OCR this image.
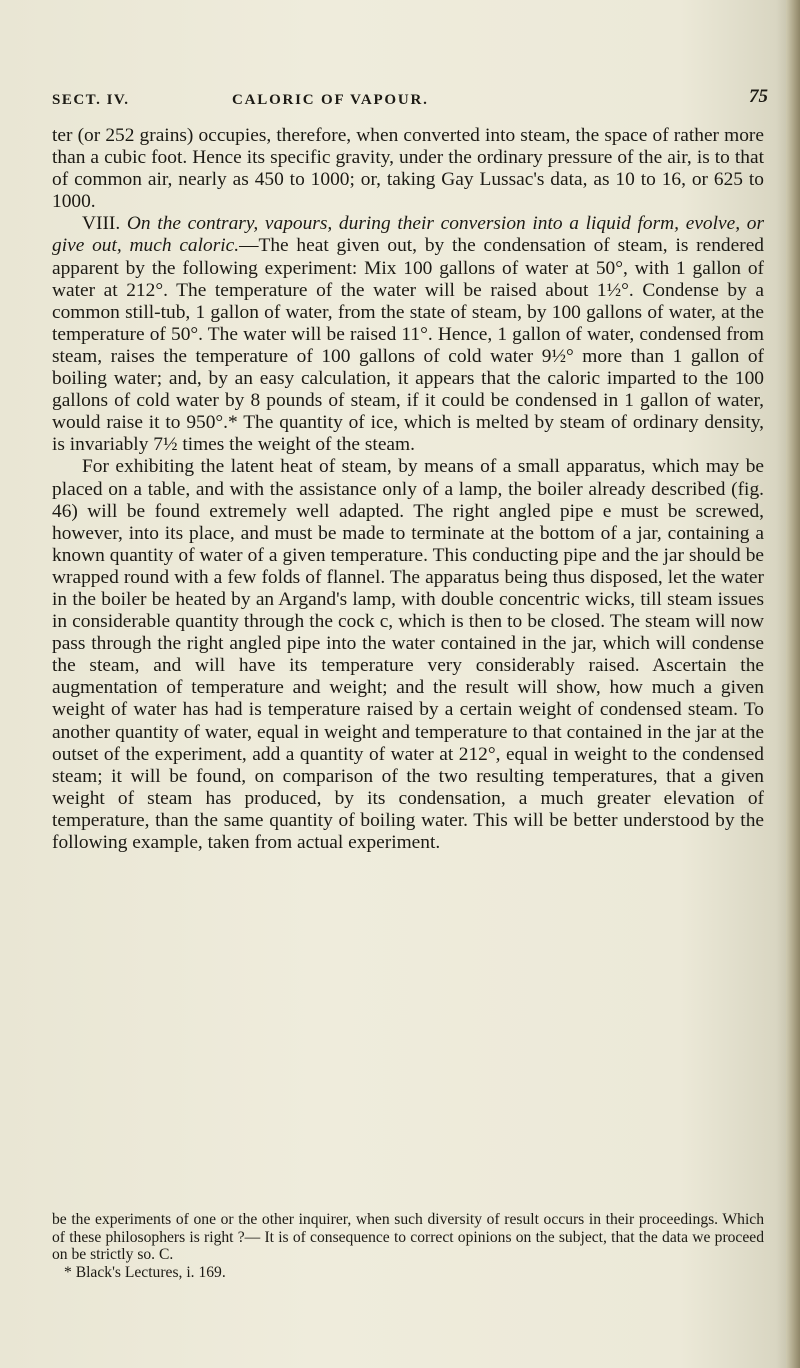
SECT. IV.	CALORIC OF VAPOUR.	75

ter (or 252 grains) occupies, therefore, when converted into steam, the space of rather more than a cubic foot. Hence its specific gravity, under the ordinary pressure of the air, is to that of common air, nearly as 450 to 1000; or, taking Gay Lussac's data, as 10 to 16, or 625 to 1000.

VIII. On the contrary, vapours, during their conversion into a liquid form, evolve, or give out, much caloric.—The heat given out, by the condensation of steam, is rendered apparent by the following experiment: Mix 100 gallons of water at 50°, with 1 gallon of water at 212°. The temperature of the water will be raised about 1½°. Condense by a common still-tub, 1 gallon of water, from the state of steam, by 100 gallons of water, at the temperature of 50°. The water will be raised 11°. Hence, 1 gallon of water, condensed from steam, raises the temperature of 100 gallons of cold water 9½° more than 1 gallon of boiling water; and, by an easy calculation, it appears that the caloric imparted to the 100 gallons of cold water by 8 pounds of steam, if it could be condensed in 1 gallon of water, would raise it to 950°.* The quantity of ice, which is melted by steam of ordinary density, is invariably 7½ times the weight of the steam.

For exhibiting the latent heat of steam, by means of a small apparatus, which may be placed on a table, and with the assistance only of a lamp, the boiler already described (fig. 46) will be found extremely well adapted. The right angled pipe e must be screwed, however, into its place, and must be made to terminate at the bottom of a jar, containing a known quantity of water of a given temperature. This conducting pipe and the jar should be wrapped round with a few folds of flannel. The apparatus being thus disposed, let the water in the boiler be heated by an Argand's lamp, with double concentric wicks, till steam issues in considerable quantity through the cock c, which is then to be closed. The steam will now pass through the right angled pipe into the water contained in the jar, which will condense the steam, and will have its temperature very considerably raised. Ascertain the augmentation of temperature and weight; and the result will show, how much a given weight of water has had is temperature raised by a certain weight of condensed steam. To another quantity of water, equal in weight and temperature to that contained in the jar at the outset of the experiment, add a quantity of water at 212°, equal in weight to the condensed steam; it will be found, on comparison of the two resulting temperatures, that a given weight of steam has produced, by its condensation, a much greater elevation of temperature, than the same quantity of boiling water. This will be better understood by the following example, taken from actual experiment.

be the experiments of one or the other inquirer, when such diversity of result occurs in their proceedings. Which of these philosophers is right ?— It is of consequence to correct opinions on the subject, that the data we proceed on be strictly so. C.

* Black's Lectures, i. 169.
